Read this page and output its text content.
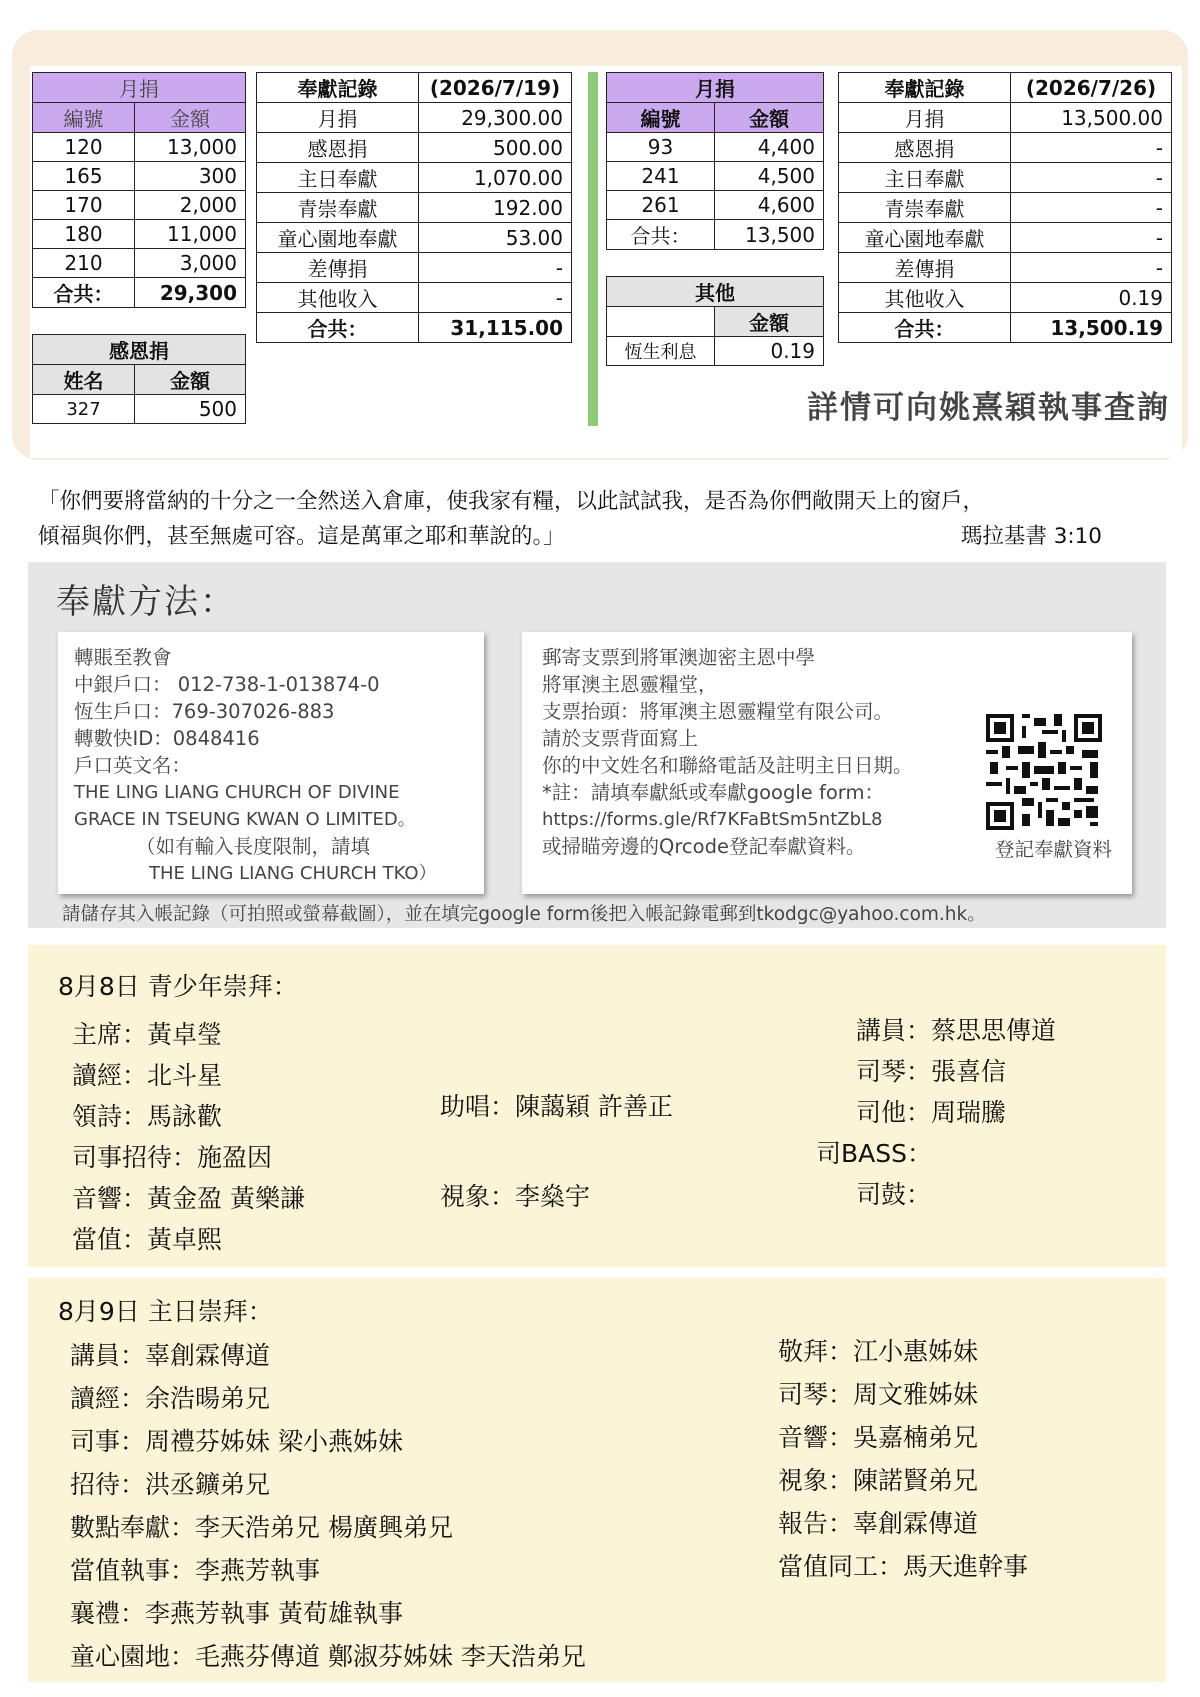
月捐	
編號	金額
120	13,000
165	300
170	2,000
180	11,000
210	3,000
合共：	29,300
感恩捐	
姓名	金額
327	500
奉獻記錄	(2026/7/19)
月捐	29,300.00
感恩捐	500.00
主日奉獻	1,070.00
青崇奉獻	192.00
童心園地奉獻	53.00
差傳捐	-
其他收入	-
合共：	31,115.00
月捐	
編號	金額
93	4,400
241	4,500
261	4,600
合共：	13,500
其他	
	金額
恆生利息	0.19
奉獻記錄	(2026/7/26)
月捐	13,500.00
感恩捐	-
主日奉獻	-
青崇奉獻	-
童心園地奉獻	-
差傳捐	-
其他收入	0.19
合共：	13,500.19
詳情可向姚熹穎執事查詢
「你們要將當納的十分之一全然送入倉庫，使我家有糧，以此試試我，是否為你們敞開天上的窗戶，
傾福與你們，甚至無處可容。這是萬軍之耶和華說的。」	瑪拉基書 3:10
奉獻方法：
轉賬至教會
中銀戶口： 012-738-1-013874-0
恆生戶口：769-307026-883
轉數快ID：0848416
戶口英文名：
THE LING LIANG CHURCH OF DIVINE
GRACE IN TSEUNG KWAN O LIMITED。
（如有輸入長度限制，請填
THE LING LIANG CHURCH TKO）
郵寄支票到將軍澳迦密主恩中學
將軍澳主恩靈糧堂，
支票抬頭：將軍澳主恩靈糧堂有限公司。
請於支票背面寫上
你的中文姓名和聯絡電話及註明主日日期。
*註：請填奉獻紙或奉獻google form：
https://forms.gle/Rf7KFaBtSm5ntZbL8
或掃瞄旁邊的Qrcode登記奉獻資料。	登記奉獻資料
請儲存其入帳記錄（可拍照或螢幕截圖），並在填完google form後把入帳記錄電郵到tkodgc@yahoo.com.hk。
8月8日 青少年崇拜：
主席：黃卓瑩
讀經：北斗星
領詩：馬詠歡
司事招待：施盈因
音響：黃金盈 黃樂謙
當值：黃卓熙
助唱：陳藹穎 許善正
視象：李燊宇
講員：蔡思思傳道
司琴：張喜信
司他：周瑞騰
司BASS：
司鼓：
8月9日 主日崇拜：
講員：辜創霖傳道
讀經：余浩暘弟兄
司事：周禮芬姊妹 梁小燕姊妹
招待：洪丞鑛弟兄
數點奉獻：李天浩弟兄 楊廣興弟兄
當值執事：李燕芳執事
襄禮：李燕芳執事 黃荀雄執事
童心園地：毛燕芬傳道 鄭淑芬姊妹 李天浩弟兄
敬拜：江小惠姊妹
司琴：周文雅姊妹
音響：吳嘉楠弟兄
視象：陳諾賢弟兄
報告：辜創霖傳道
當值同工：馬天進幹事
